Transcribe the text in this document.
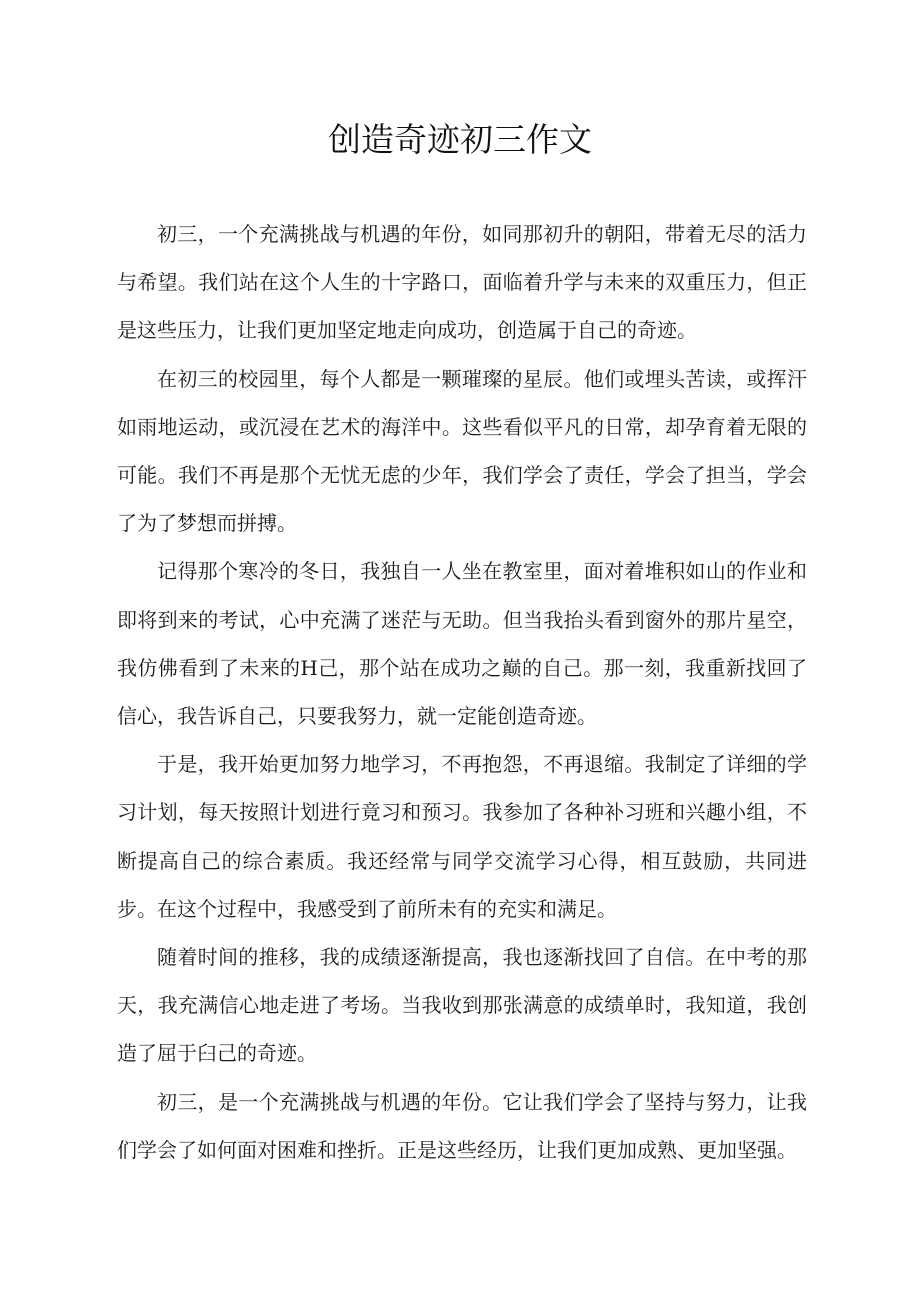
创造奇迹初三作文

初三，一个充满挑战与机遇的年份，如同那初升的朝阳，带着无尽的活力与希望。我们站在这个人生的十字路口，面临着升学与未来的双重压力，但正是这些压力，让我们更加坚定地走向成功，创造属于自己的奇迹。

在初三的校园里，每个人都是一颗璀璨的星辰。他们或埋头苦读，或挥汗如雨地运动，或沉浸在艺术的海洋中。这些看似平凡的日常，却孕育着无限的可能。我们不再是那个无忧无虑的少年，我们学会了责任，学会了担当，学会了为了梦想而拼搏。

记得那个寒冷的冬日，我独自一人坐在教室里，面对着堆积如山的作业和即将到来的考试，心中充满了迷茫与无助。但当我抬头看到窗外的那片星空，我仿佛看到了未来的H己，那个站在成功之巅的自己。那一刻，我重新找回了信心，我告诉自己，只要我努力，就一定能创造奇迹。

于是，我开始更加努力地学习，不再抱怨，不再退缩。我制定了详细的学习计划，每天按照计划进行竟习和预习。我参加了各种补习班和兴趣小组，不断提高自己的综合素质。我还经常与同学交流学习心得，相互鼓励，共同进步。在这个过程中，我感受到了前所未有的充实和满足。

随着时间的推移，我的成绩逐渐提高，我也逐渐找回了自信。在中考的那天，我充满信心地走进了考场。当我收到那张满意的成绩单时，我知道，我创造了屈于臼己的奇迹。

初三，是一个充满挑战与机遇的年份。它让我们学会了坚持与努力，让我们学会了如何面对困难和挫折。正是这些经历，让我们更加成熟、更加坚强。
